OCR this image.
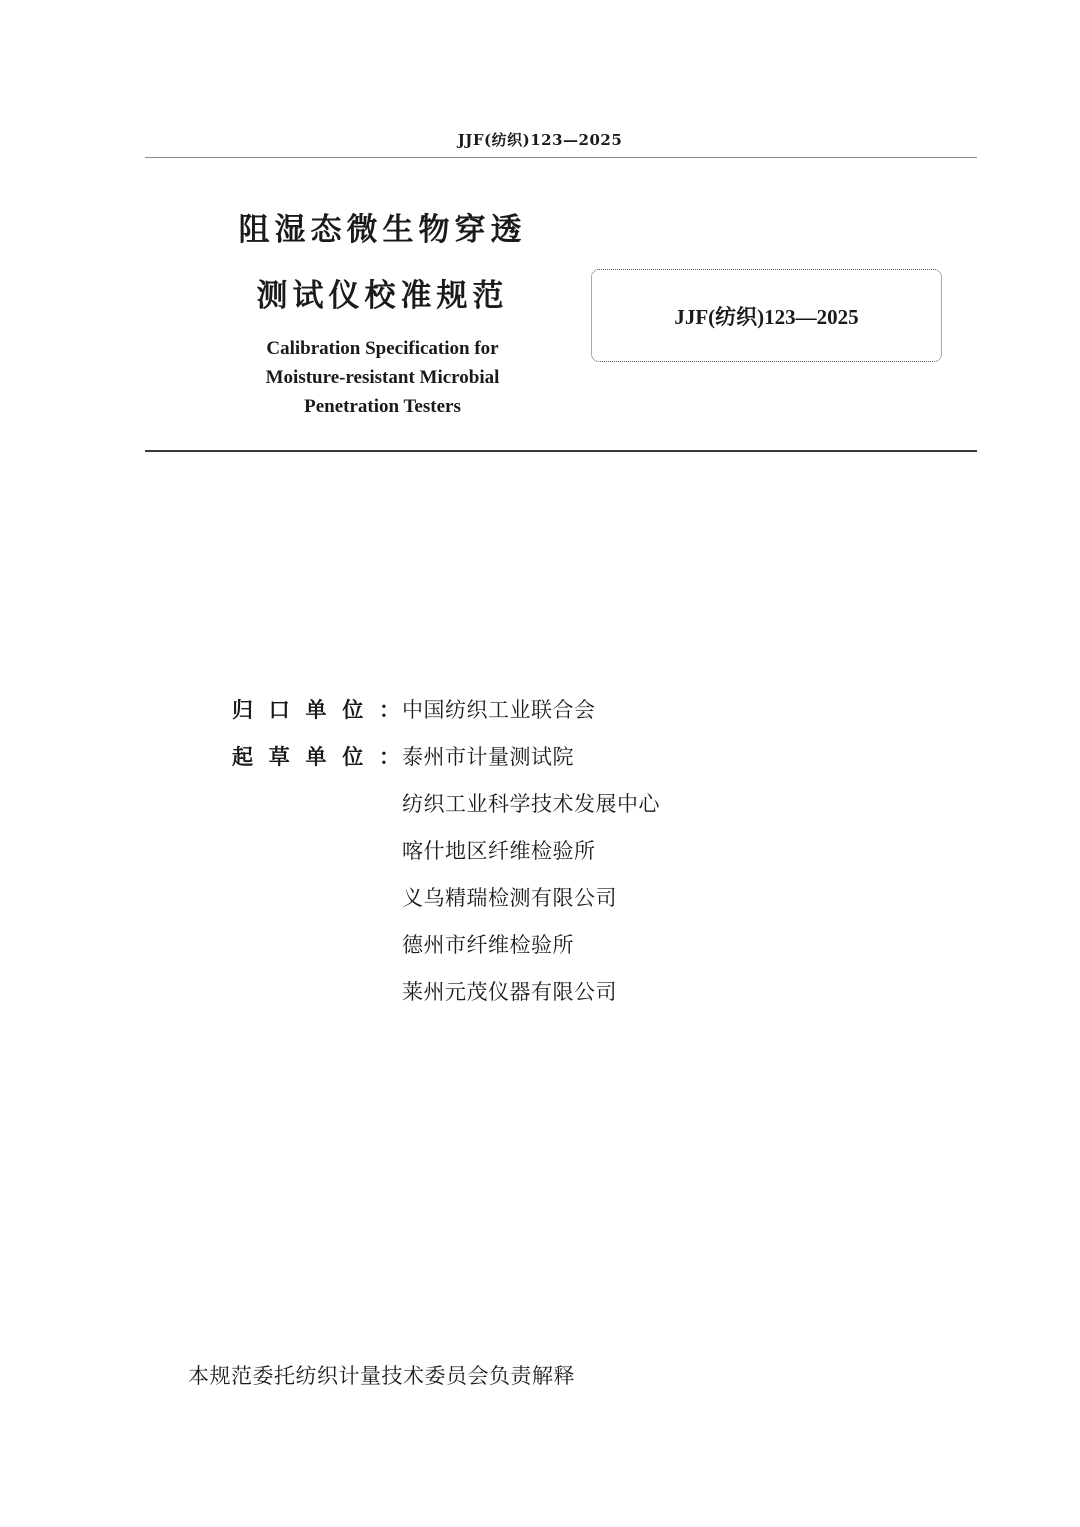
JJF(纺织)123—2025
阻湿态微生物穿透
测试仪校准规范
Calibration Specification for
Moisture-resistant Microbial
Penetration Testers
JJF(纺织)123—2025
归 口 单 位 ： 中国纺织工业联合会
起 草 单 位 ： 泰州市计量测试院
纺织工业科学技术发展中心
喀什地区纤维检验所
义乌精瑞检测有限公司
德州市纤维检验所
莱州元茂仪器有限公司
本规范委托纺织计量技术委员会负责解释
